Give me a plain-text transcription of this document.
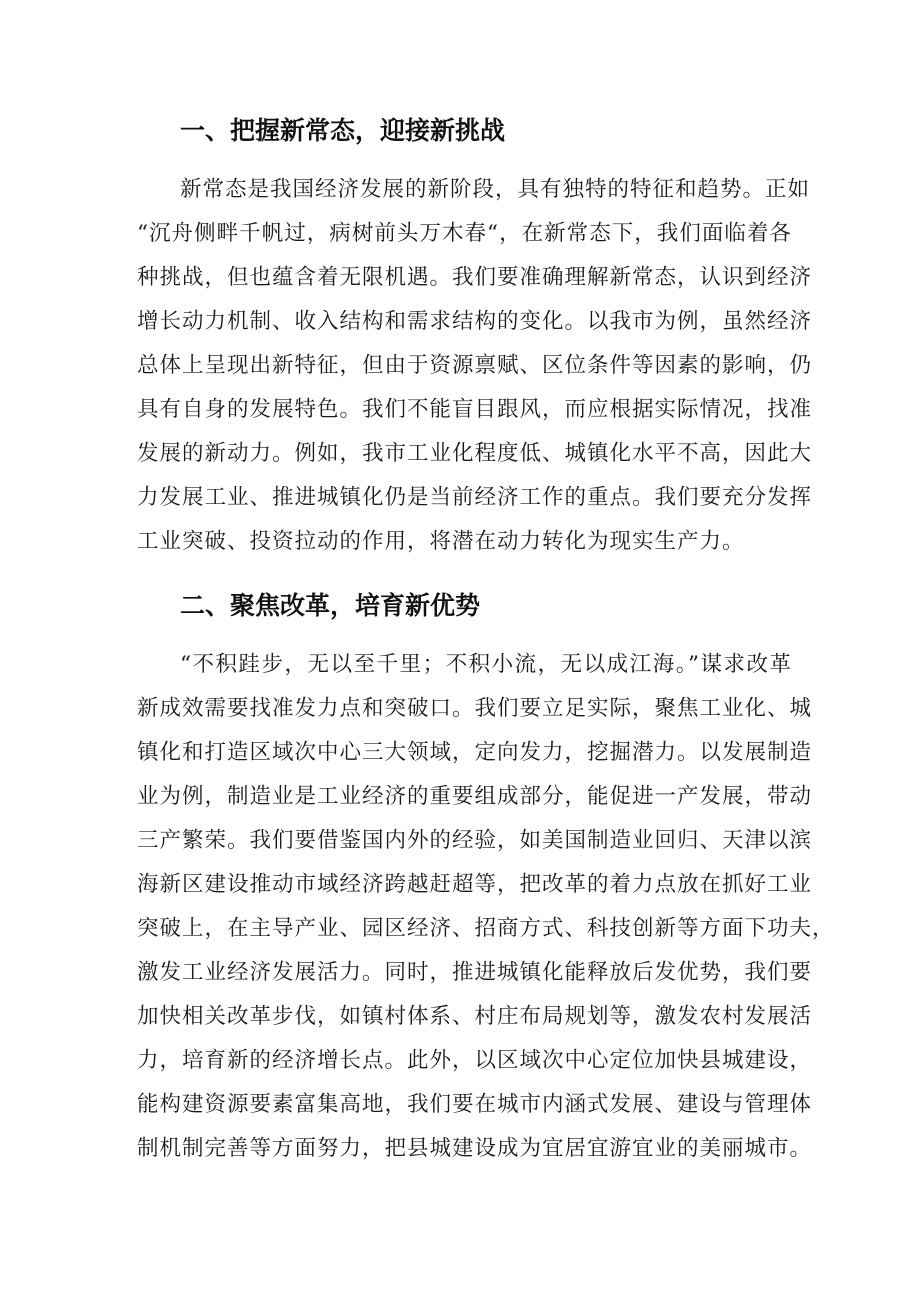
一、把握新常态，迎接新挑战
新常态是我国经济发展的新阶段，具有独特的特征和趋势。正如
“沉舟侧畔千帆过，病树前头万木春“，在新常态下，我们面临着各
种挑战，但也蕴含着无限机遇。我们要准确理解新常态，认识到经济
增长动力机制、收入结构和需求结构的变化。以我市为例，虽然经济
总体上呈现出新特征，但由于资源禀赋、区位条件等因素的影响，仍
具有自身的发展特色。我们不能盲目跟风，而应根据实际情况，找准
发展的新动力。例如，我市工业化程度低、城镇化水平不高，因此大
力发展工业、推进城镇化仍是当前经济工作的重点。我们要充分发挥
工业突破、投资拉动的作用，将潜在动力转化为现实生产力。
二、聚焦改革，培育新优势
“不积跬步，无以至千里；不积小流，无以成江海。”谋求改革
新成效需要找准发力点和突破口。我们要立足实际，聚焦工业化、城
镇化和打造区域次中心三大领域，定向发力，挖掘潜力。以发展制造
业为例，制造业是工业经济的重要组成部分，能促进一产发展，带动
三产繁荣。我们要借鉴国内外的经验，如美国制造业回归、天津以滨
海新区建设推动市域经济跨越赶超等，把改革的着力点放在抓好工业
突破上，在主导产业、园区经济、招商方式、科技创新等方面下功夫，
激发工业经济发展活力。同时，推进城镇化能释放后发优势，我们要
加快相关改革步伐，如镇村体系、村庄布局规划等，激发农村发展活
力，培育新的经济增长点。此外，以区域次中心定位加快县城建设，
能构建资源要素富集高地，我们要在城市内涵式发展、建设与管理体
制机制完善等方面努力，把县城建设成为宜居宜游宜业的美丽城市。
